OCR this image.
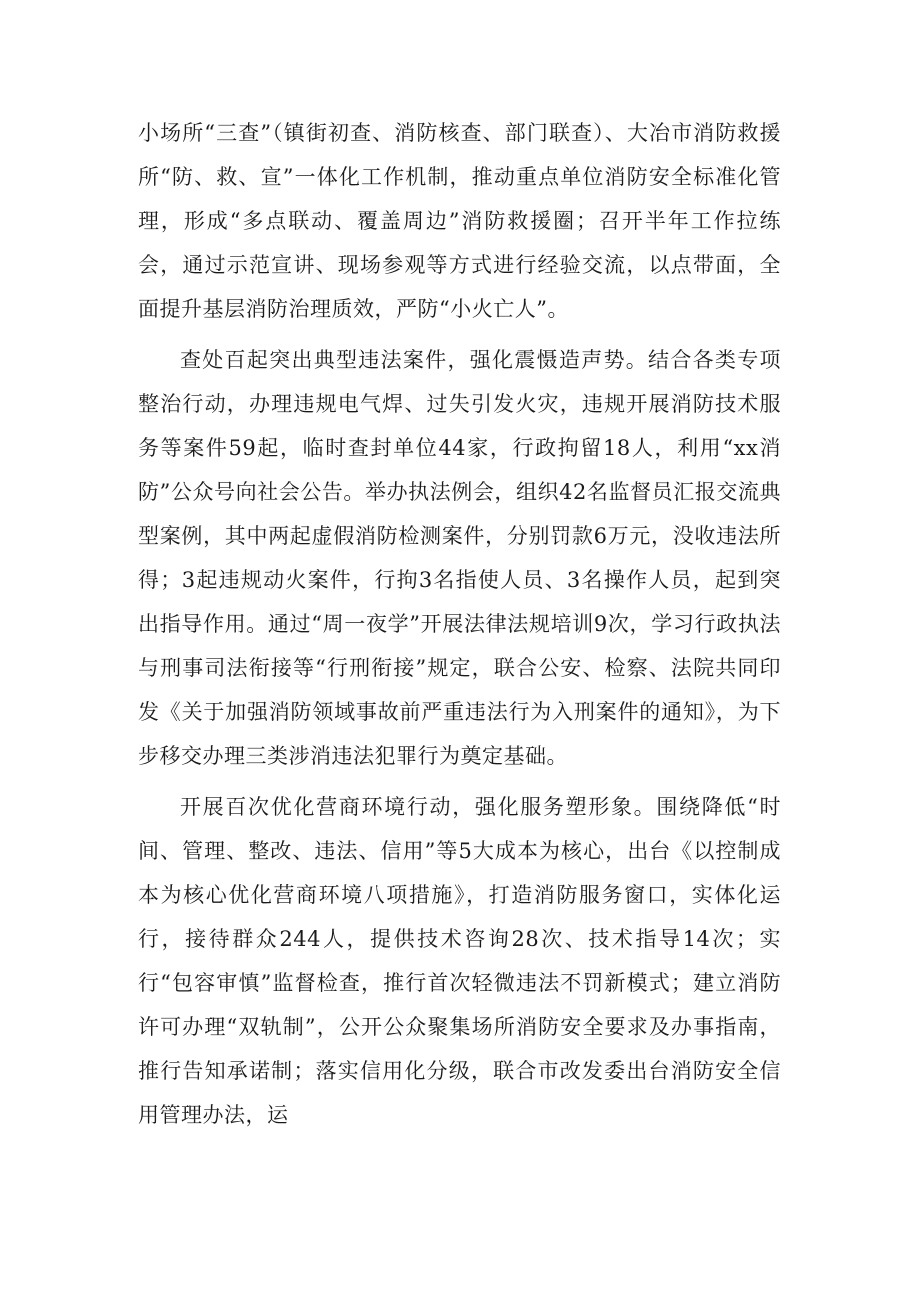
小场所“三查”（镇街初查、消防核查、部门联查）、大冶市消防救援所“防、救、宣”一体化工作机制，推动重点单位消防安全标准化管理，形成“多点联动、覆盖周边”消防救援圈；召开半年工作拉练会，通过示范宣讲、现场参观等方式进行经验交流，以点带面，全面提升基层消防治理质效，严防“小火亡人”。

查处百起突出典型违法案件，强化震慑造声势。结合各类专项整治行动，办理违规电气焊、过失引发火灾，违规开展消防技术服务等案件59起，临时查封单位44家，行政拘留18人，利用“xx消防”公众号向社会公告。举办执法例会，组织42名监督员汇报交流典型案例，其中两起虚假消防检测案件，分别罚款6万元，没收违法所得；3起违规动火案件，行拘3名指使人员、3名操作人员，起到突出指导作用。通过“周一夜学”开展法律法规培训9次，学习行政执法与刑事司法衔接等“行刑衔接”规定，联合公安、检察、法院共同印发《关于加强消防领域事故前严重违法行为入刑案件的通知》，为下步移交办理三类涉消违法犯罪行为奠定基础。

开展百次优化营商环境行动，强化服务塑形象。围绕降低“时间、管理、整改、违法、信用”等5大成本为核心，出台《以控制成本为核心优化营商环境八项措施》，打造消防服务窗口，实体化运行，接待群众244人，提供技术咨询28次、技术指导14次；实行“包容审慎”监督检查，推行首次轻微违法不罚新模式；建立消防许可办理“双轨制”，公开公众聚集场所消防安全要求及办事指南，推行告知承诺制；落实信用化分级，联合市改发委出台消防安全信用管理办法，运
